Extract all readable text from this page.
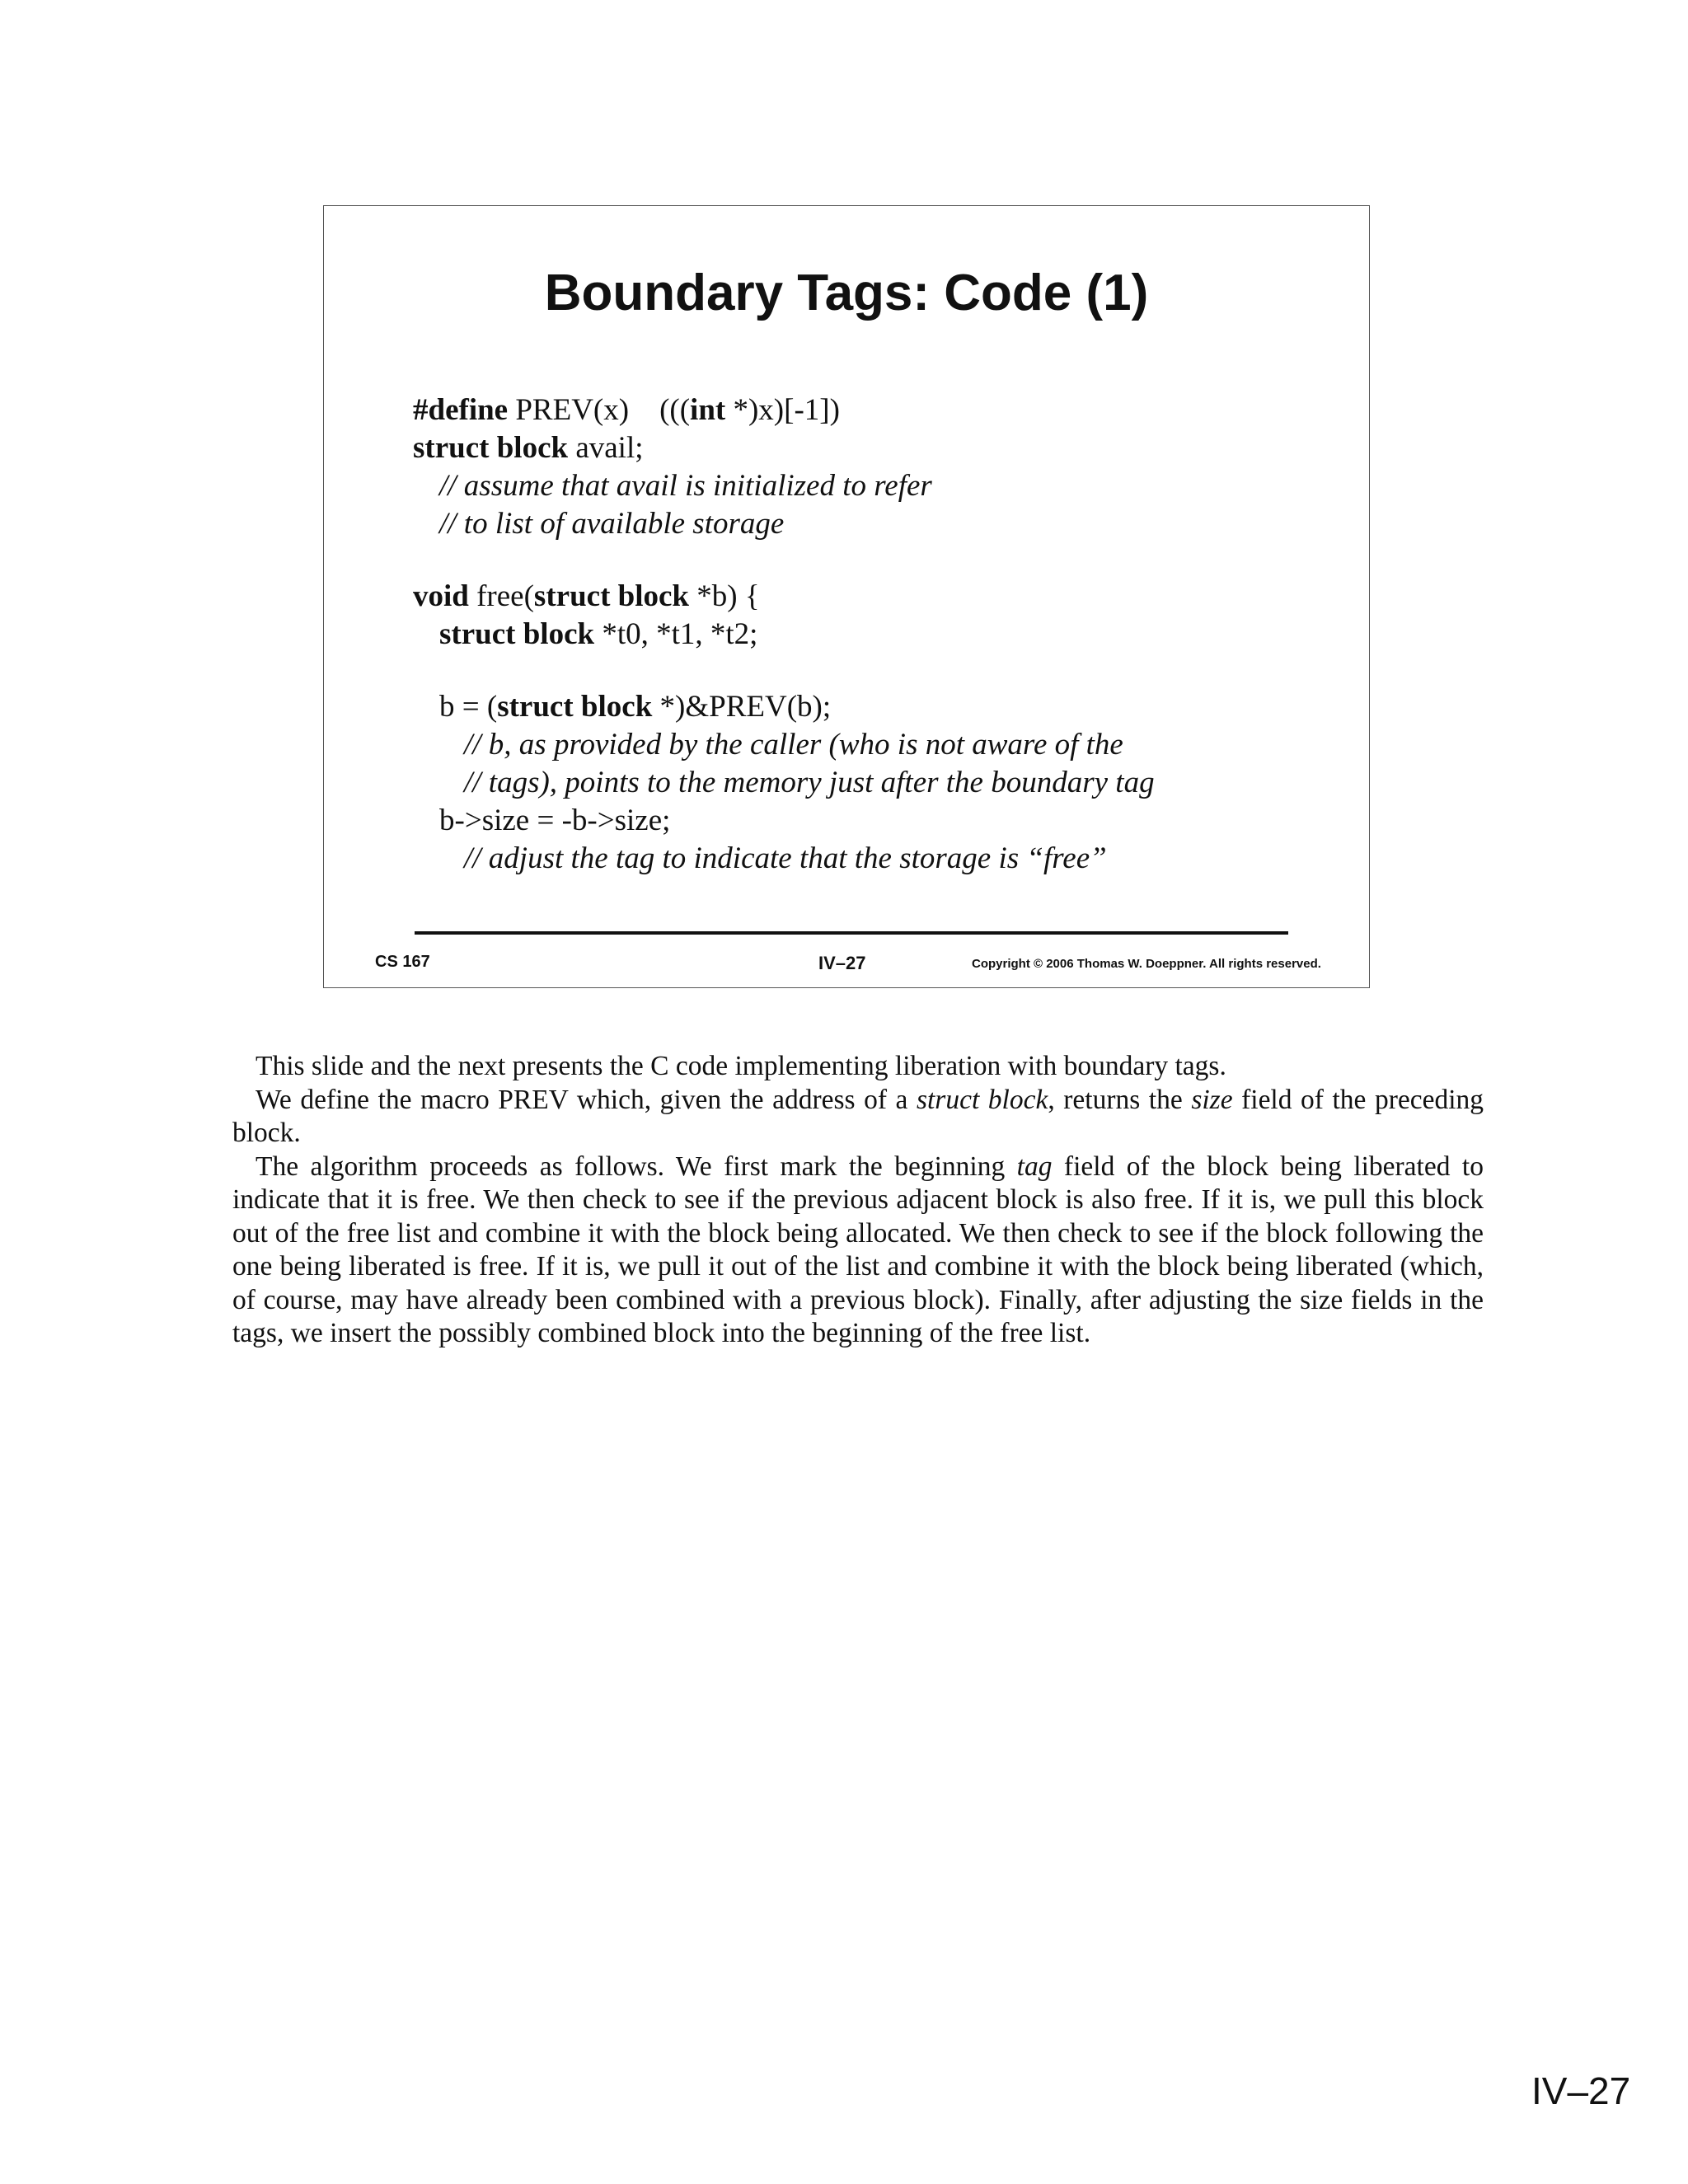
Boundary Tags: Code (1)
#define PREV(x)    (((int *)x)[-1])
struct block avail;
// assume that avail is initialized to refer
// to list of available storage
void free(struct block *b) {
struct block *t0, *t1, *t2;
b = (struct block *)&PREV(b);
// b, as provided by the caller (who is not aware of the
// tags), points to the memory just after the boundary tag
b->size = -b->size;
// adjust the tag to indicate that the storage is “free”
CS 167	IV–27	Copyright © 2006 Thomas W. Doeppner. All rights reserved.

This slide and the next presents the C code implementing liberation with boundary tags.

We define the macro PREV which, given the address of a struct block, returns the size field of the preceding block.

The algorithm proceeds as follows. We first mark the beginning tag field of the block being liberated to indicate that it is free. We then check to see if the previous adjacent block is also free. If it is, we pull this block out of the free list and combine it with the block being allocated. We then check to see if the block following the one being liberated is free. If it is, we pull it out of the list and combine it with the block being liberated (which, of course, may have already been combined with a previous block). Finally, after adjusting the size fields in the tags, we insert the possibly combined block into the beginning of the free list.

IV–27
